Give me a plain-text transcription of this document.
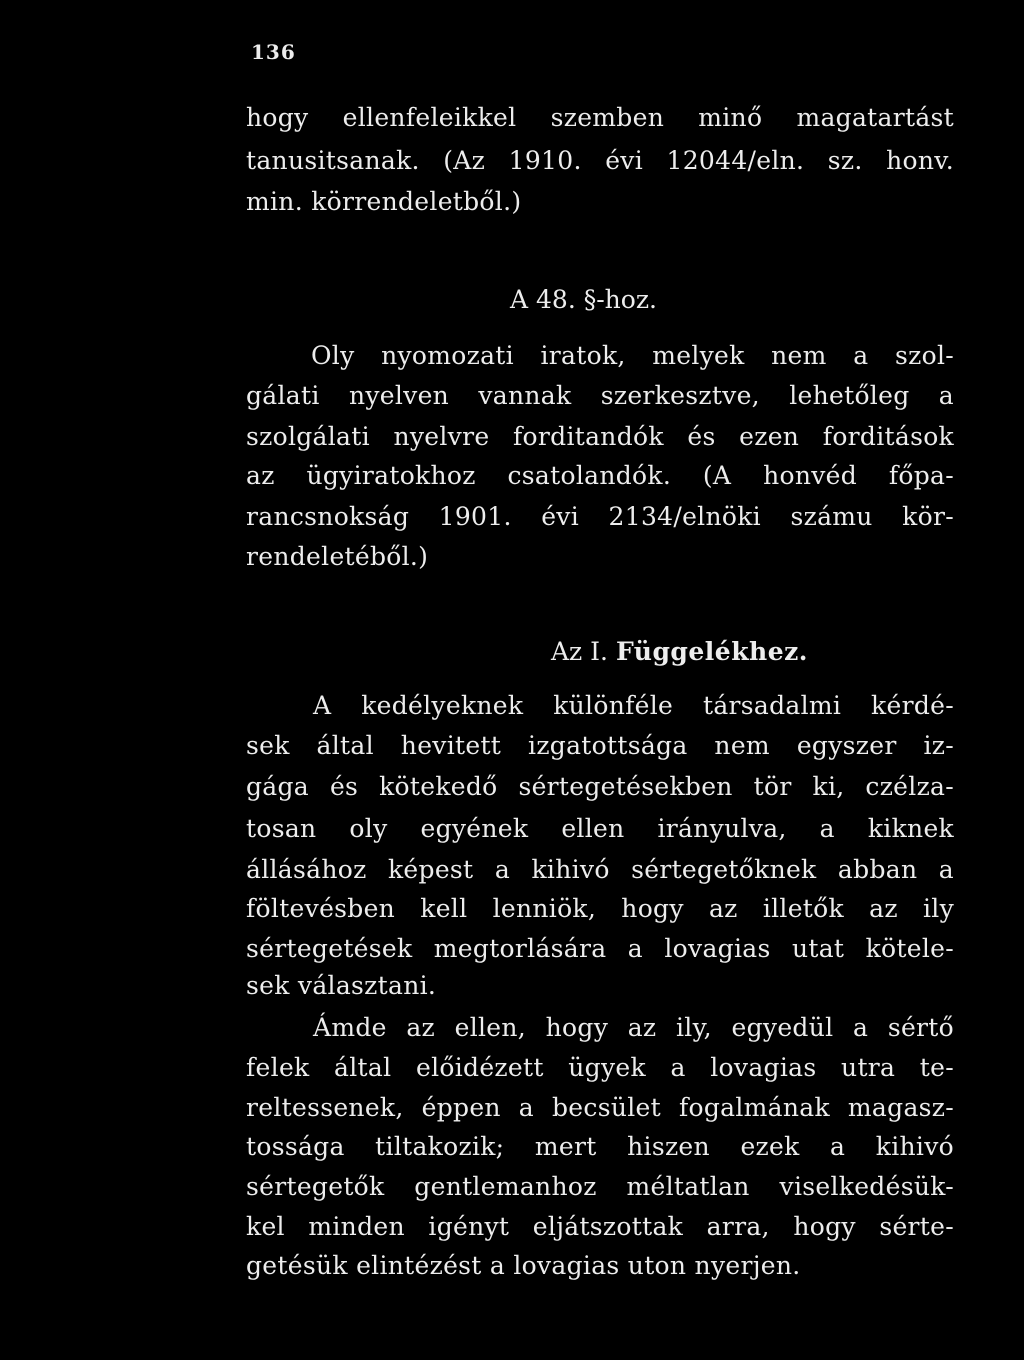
136
hogy ellenfeleikkel szemben minő magatartást
tanusitsanak. (Az 1910. évi 12044/eln. sz. honv.
min. körrendeletből.)
A 48. §-hoz.
Oly nyomozati iratok, melyek nem a szol-
gálati nyelven vannak szerkesztve, lehetőleg a
szolgálati nyelvre forditandók és ezen forditások
az ügyiratokhoz csatolandók. (A honvéd főpa-
rancsnokság 1901. évi 2134/elnöki számu kör-
rendeletéből.)
Az I. Függelékhez.
A kedélyeknek különféle társadalmi kérdé-
sek által hevitett izgatottsága nem egyszer iz-
gága és kötekedő sértegetésekben tör ki, czélza-
tosan oly egyének ellen irányulva, a kiknek
állásához képest a kihivó sértegetőknek abban a
föltevésben kell lenniök, hogy az illetők az ily
sértegetések megtorlására a lovagias utat kötele-
sek választani.
Ámde az ellen, hogy az ily, egyedül a sértő
felek által előidézett ügyek a lovagias utra te-
reltessenek, éppen a becsület fogalmának magasz-
tossága tiltakozik; mert hiszen ezek a kihivó
sértegetők gentlemanhoz méltatlan viselkedésük-
kel minden igényt eljátszottak arra, hogy sérte-
getésük elintézést a lovagias uton nyerjen.
